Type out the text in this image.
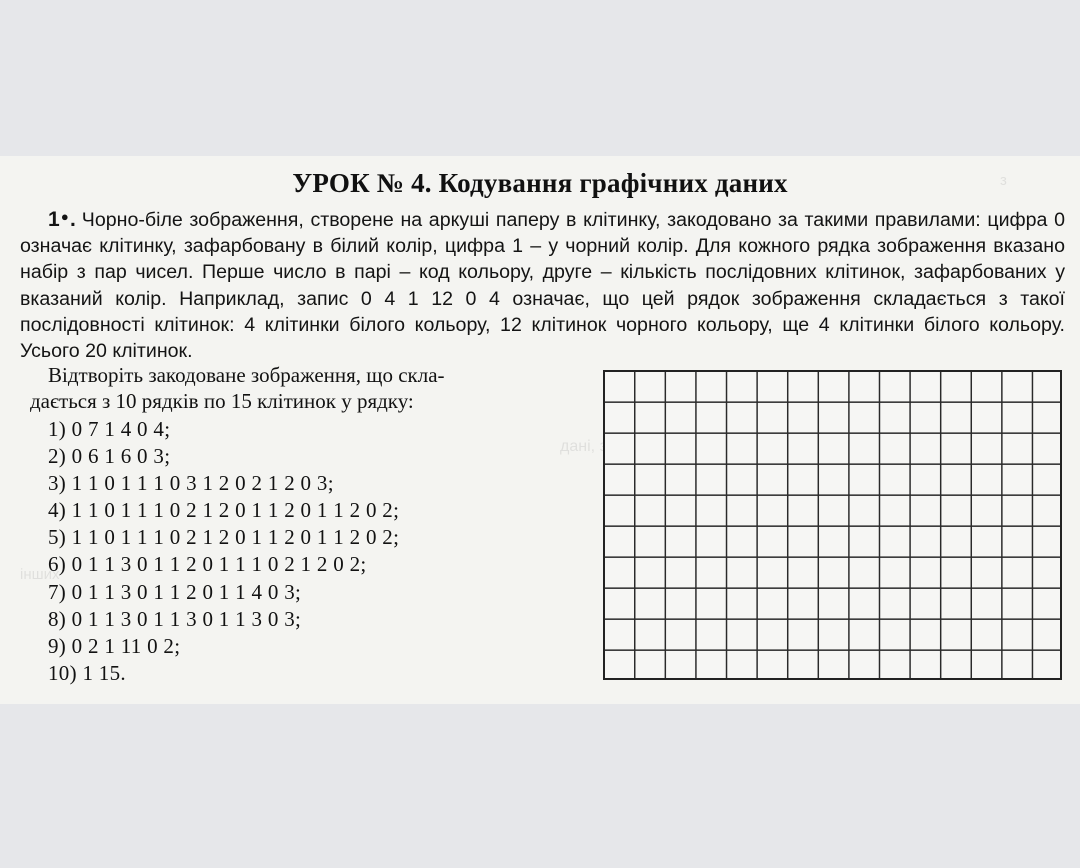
з
дані,
інших
УРОК № 4. Кодування графічних даних
1●. Чорно-біле зображення, створене на аркуші паперу в клітинку, закодовано за такими правилами: цифра 0 означає клітинку, зафарбовану в білий колір, цифра 1 – у чорний колір. Для кожного рядка зображення вказано набір з пар чисел. Перше число в парі – код кольору, друге – кількість послідовних клітинок, зафарбованих у вказаний колір. Наприклад, запис 0 4 1 12 0 4 означає, що цей рядок зображення складається з такої послідовності клітинок: 4 клітинки білого кольору, 12 клітинок чорного кольору, ще 4 клітинки білого кольору. Усього 20 клітинок.
Відтворіть закодоване зображення, що скла-
дається з 10 рядків по 15 клітинок у рядку:
1) 0 7 1 4 0 4;
2) 0 6 1 6 0 3;
3) 1 1 0 1 1 1 0 3 1 2 0 2 1 2 0 3;
4) 1 1 0 1 1 1 0 2 1 2 0 1 1 2 0 1 1 2 0 2;
5) 1 1 0 1 1 1 0 2 1 2 0 1 1 2 0 1 1 2 0 2;
6) 0 1 1 3 0 1 1 2 0 1 1 1 0 2 1 2 0 2;
7) 0 1 1 3 0 1 1 2 0 1 1 4 0 3;
8) 0 1 1 3 0 1 1 3 0 1 1 3 0 3;
9) 0 2 1 11 0 2;
10) 1 15.
